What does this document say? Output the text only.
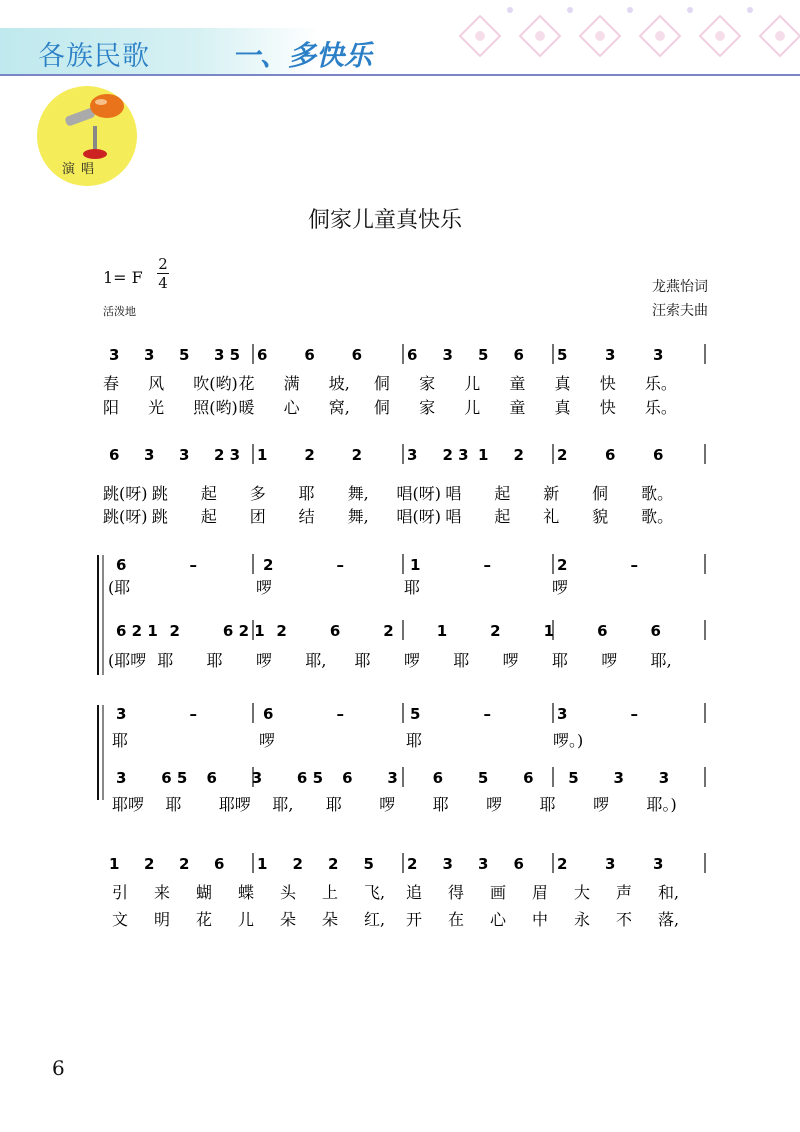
各族民歌	一、多快乐
演唱
侗家儿童真快乐
1= F
2
4
活泼地
龙燕怡词
汪索夫曲
3 3 5 3 5 6 6 6	6 3 5 6 5	3	3
春 风 吹(哟) 花 满 坡, 侗 家 儿 童 真 快 乐。
阳 光 照(哟) 暖 心 窝, 侗 家 儿 童 真 快 乐。
6 3 3 2 3 1 2 2	3 2 3 1 2 2	6	6
跳(呀) 跳 起 多 耶 舞, 唱(呀) 唱 起 新 侗 歌。
跳(呀) 跳 起 团 结 舞, 唱(呀) 唱 起 礼 貌 歌。
6	–	2	–	1	–	2	–
(耶	啰	耶	啰
6 2 1 2	6 2 1 2	6	2	1	2	1	6	6
(耶啰 耶 耶 啰 耶, 耶 啰 耶 啰 耶 啰 耶,
3	–	6	–	5	–	3	–
耶	啰	耶	啰。)
3 6 5 6 3 6 5 6 3 6 5 6 5 3 3
耶啰 耶 耶啰 耶, 耶 啰 耶 啰 耶 啰 耶。)
1 2 2 6 1 2 2 5 2 3 3 6 2	3	3
引 来 蝴 蝶 头 上 飞, 追 得 画 眉 大 声 和,
文 明 花 儿 朵 朵 红, 开 在 心 中 永 不 落,
6
